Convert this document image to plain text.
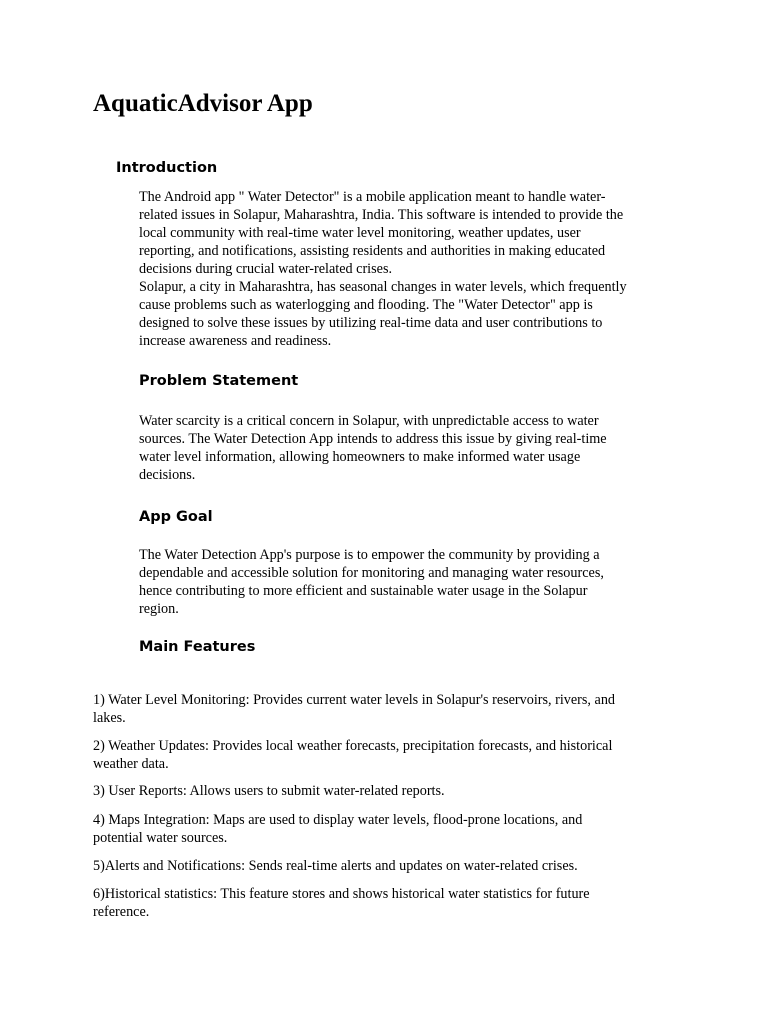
AquaticAdvisor App
Introduction
The Android app " Water Detector" is a mobile application meant to handle water-
related issues in Solapur, Maharashtra, India. This software is intended to provide the
local community with real-time water level monitoring, weather updates, user
reporting, and notifications, assisting residents and authorities in making educated
decisions during crucial water-related crises.
Solapur, a city in Maharashtra, has seasonal changes in water levels, which frequently
cause problems such as waterlogging and flooding. The "Water Detector" app is
designed to solve these issues by utilizing real-time data and user contributions to
increase awareness and readiness.
Problem Statement
Water scarcity is a critical concern in Solapur, with unpredictable access to water
sources. The Water Detection App intends to address this issue by giving real-time
water level information, allowing homeowners to make informed water usage
decisions.
App Goal
The Water Detection App's purpose is to empower the community by providing a
dependable and accessible solution for monitoring and managing water resources,
hence contributing to more efficient and sustainable water usage in the Solapur
region.
Main Features
1) Water Level Monitoring: Provides current water levels in Solapur's reservoirs, rivers, and
lakes.
2) Weather Updates: Provides local weather forecasts, precipitation forecasts, and historical
weather data.
3) User Reports: Allows users to submit water-related reports.
4) Maps Integration: Maps are used to display water levels, flood-prone locations, and
potential water sources.
5)Alerts and Notifications: Sends real-time alerts and updates on water-related crises.
6)Historical statistics: This feature stores and shows historical water statistics for future
reference.
